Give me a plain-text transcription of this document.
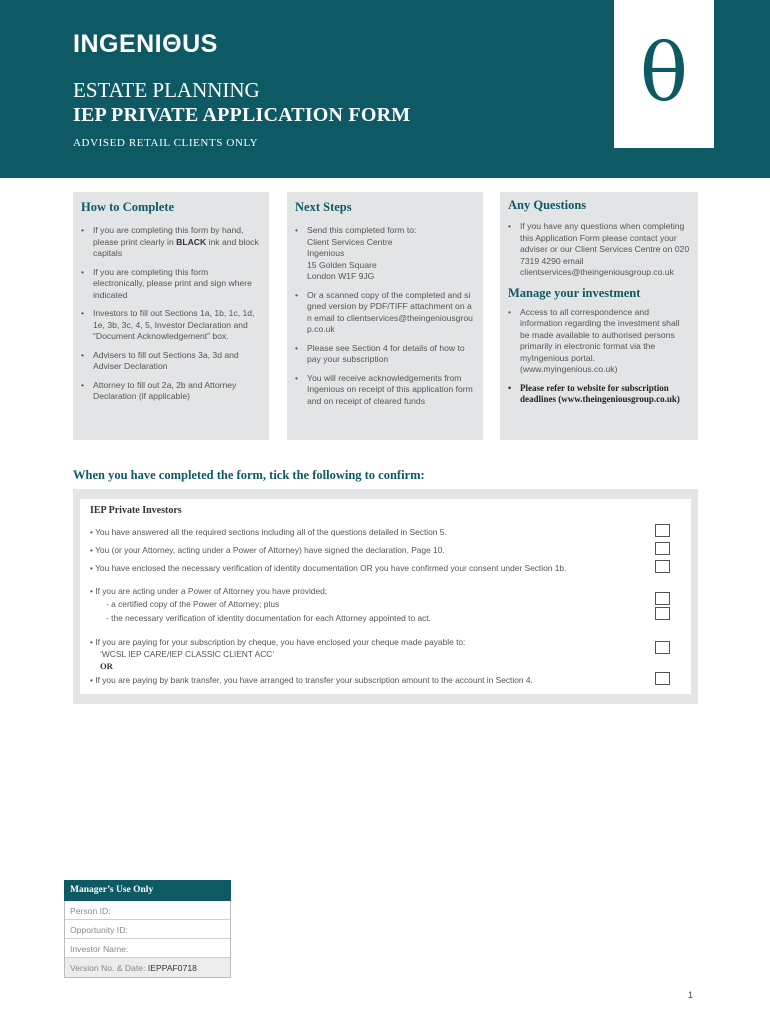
INGENIΘUS	θ
ESTATE PLANNING
IEP PRIVATE APPLICATION FORM
ADVISED RETAIL CLIENTS ONLY
How to Complete
• If you are completing this form by hand, please print clearly in BLACK ink and block capitals
• If you are completing this form electronically, please print and sign where indicated
• Investors to fill out Sections 1a, 1b, 1c, 1d, 1e, 3b, 3c, 4, 5, Investor Declaration and “Document Acknowledgement” box.
• Advisers to fill out Sections 3a, 3d and Adviser Declaration
• Attorney to fill out 2a, 2b and Attorney Declaration (if applicable)
Next Steps
• Send this completed form to:
Client Services Centre
Ingenious
15 Golden Square
London W1F 9JG
• Or a scanned copy of the completed and signed version by PDF/TIFF attachment on an email to clientservices@theingeniousgroup.co.uk
• Please see Section 4 for details of how to pay your subscription
• You will receive acknowledgements from Ingenious on receipt of this application form and on receipt of cleared funds
Any Questions
• If you have any questions when completing this Application Form please contact your adviser or our Client Services Centre on 020 7319 4290 email clientservices@theingeniousgroup.co.uk
Manage your investment
• Access to all correspondence and information regarding the investment shall be made available to authorised persons primarily in electronic format via the myIngenious portal. (www.myingenious.co.uk)
• Please refer to website for subscription deadlines (www.theingeniousgroup.co.uk)
When you have completed the form, tick the following to confirm:
IEP Private Investors
• You have answered all the required sections including all of the questions detailed in Section 5.
• You (or your Attorney, acting under a Power of Attorney) have signed the declaration, Page 10.
• You have enclosed the necessary verification of identity documentation OR you have confirmed your consent under Section 1b.
• If you are acting under a Power of Attorney you have provided;
- a certified copy of the Power of Attorney; plus
- the necessary verification of identity documentation for each Attorney appointed to act.
• If you are paying for your subscription by cheque, you have enclosed your cheque made payable to:
‘WCSL IEP CARE/IEP CLASSIC CLIENT ACC’
OR
• If you are paying by bank transfer, you have arranged to transfer your subscription amount to the account in Section 4.
Manager’s Use Only
Person ID:
Opportunity ID:
Investor Name:
Version No. & Date: IEPPAF0718
1
